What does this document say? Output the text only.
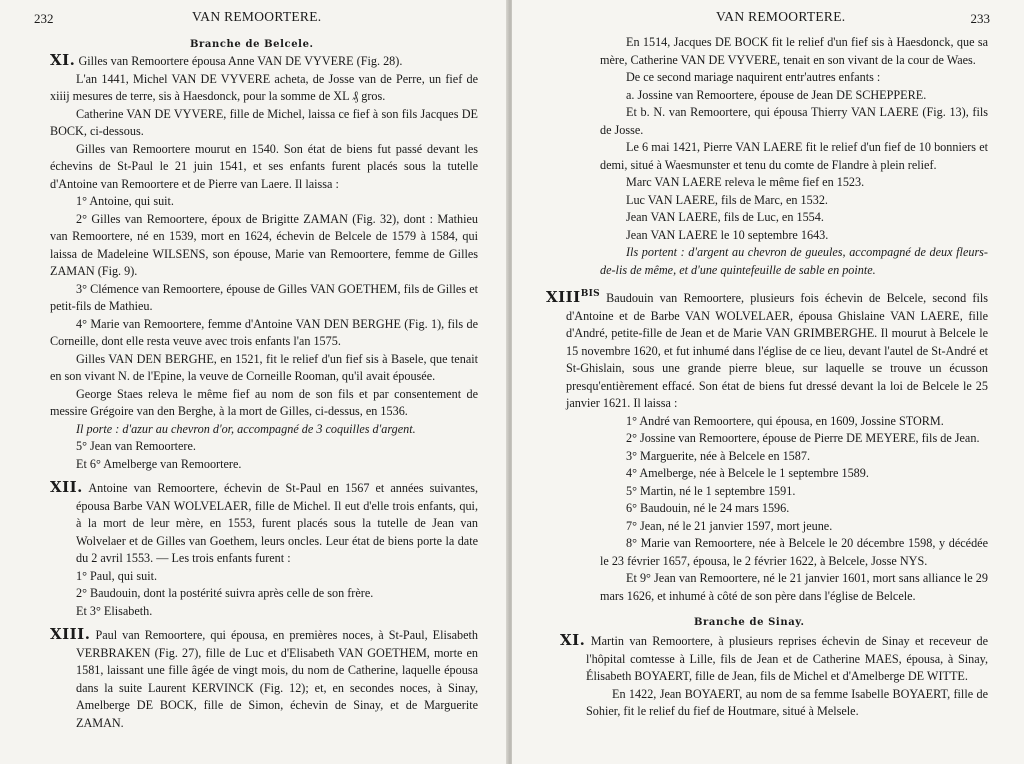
232	VAN REMOORTERE.
Branche de Belcele.

XI. Gilles van Remoortere épousa Anne VAN DE VYVERE (Fig. 28).

L'an 1441, Michel VAN DE VYVERE acheta, de Josse van de Perre, un fief de xiiij mesures de terre, sis à Haesdonck, pour la somme de XL ₰ gros.

Catherine VAN DE VYVERE, fille de Michel, laissa ce fief à son fils Jacques DE BOCK, ci-dessous.

Gilles van Remoortere mourut en 1540. Son état de biens fut passé devant les échevins de St-Paul le 21 juin 1541, et ses enfants furent placés sous la tutelle d'Antoine van Remoortere et de Pierre van Laere. Il laissa :

1° Antoine, qui suit.

2° Gilles van Remoortere, époux de Brigitte ZAMAN (Fig. 32), dont : Mathieu van Remoortere, né en 1539, mort en 1624, échevin de Belcele de 1579 à 1584, qui laissa de Madeleine WILSENS, son épouse, Marie van Remoortere, femme de Gilles ZAMAN (Fig. 9).

3° Clémence van Remoortere, épouse de Gilles VAN GOETHEM, fils de Gilles et petit-fils de Mathieu.

4° Marie van Remoortere, femme d'Antoine VAN DEN BERGHE (Fig. 1), fils de Corneille, dont elle resta veuve avec trois enfants l'an 1575.

Gilles VAN DEN BERGHE, en 1521, fit le relief d'un fief sis à Basele, que tenait en son vivant N. de l'Epine, la veuve de Corneille Rooman, qu'il avait épousée.

George Staes releva le même fief au nom de son fils et par consentement de messire Grégoire van den Berghe, à la mort de Gilles, ci-dessus, en 1536.

Il porte : d'azur au chevron d'or, accompagné de 3 coquilles d'argent.

5° Jean van Remoortere.

Et 6° Amelberge van Remoortere.

XII. Antoine van Remoortere, échevin de St-Paul en 1567 et années suivantes, épousa Barbe VAN WOLVELAER, fille de Michel. Il eut d'elle trois enfants, qui, à la mort de leur mère, en 1553, furent placés sous la tutelle de Jean van Wolvelaer et de Gilles van Goethem, leurs oncles. Leur état de biens porte la date du 2 avril 1553. — Les trois enfants furent :

1° Paul, qui suit.

2° Baudouin, dont la postérité suivra après celle de son frère.

Et 3° Elisabeth.

XIII. Paul van Remoortere, qui épousa, en premières noces, à St-Paul, Elisabeth VERBRAKEN (Fig. 27), fille de Luc et d'Elisabeth VAN GOETHEM, morte en 1581, laissant une fille âgée de vingt mois, du nom de Catherine, laquelle épousa dans la suite Laurent KERVINCK (Fig. 12); et, en secondes noces, à Sinay, Amelberge DE BOCK, fille de Simon, échevin de Sinay, et de Marguerite ZAMAN.

233
VAN REMOORTERE.

En 1514, Jacques DE BOCK fit le relief d'un fief sis à Haesdonck, que sa mère, Catherine VAN DE VYVERE, tenait en son vivant de la cour de Waes.

De ce second mariage naquirent entr'autres enfants :

a. Jossine van Remoortere, épouse de Jean DE SCHEPPERE.

Et b. N. van Remoortere, qui épousa Thierry VAN LAERE (Fig. 13), fils de Josse.

Le 6 mai 1421, Pierre VAN LAERE fit le relief d'un fief de 10 bonniers et demi, situé à Waesmunster et tenu du comte de Flandre à plein relief.

Marc VAN LAERE releva le même fief en 1523.

Luc VAN LAERE, fils de Marc, en 1532.

Jean VAN LAERE, fils de Luc, en 1554.

Jean VAN LAERE le 10 septembre 1643.

Ils portent : d'argent au chevron de gueules, accompagné de deux fleurs-de-lis de même, et d'une quintefeuille de sable en pointe.

$XIII^{BIS}$ Baudouin van Remoortere, plusieurs fois échevin de Belcele, second fils d'Antoine et de Barbe VAN WOLVELAER, épousa Ghislaine VAN LAERE, fille d'André, petite-fille de Jean et de Marie VAN GRIMBERGHE. Il mourut à Belcele le 15 novembre 1620, et fut inhumé dans l'église de ce lieu, devant l'autel de St-André et St-Ghislain, sous une grande pierre bleue, sur laquelle se trouve un écusson presqu'entièrement effacé. Son état de biens fut dressé devant la loi de Belcele le 25 janvier 1621. Il laissa :

1° André van Remoortere, qui épousa, en 1609, Jossine STORM.

2° Jossine van Remoortere, épouse de Pierre DE MEYERE, fils de Jean.

3° Marguerite, née à Belcele en 1587.

4° Amelberge, née à Belcele le 1 septembre 1589.

5° Martin, né le 1 septembre 1591.

6° Baudouin, né le 24 mars 1596.

7° Jean, né le 21 janvier 1597, mort jeune.

8° Marie van Remoortere, née à Belcele le 20 décembre 1598, y décédée le 23 février 1657, épousa, le 2 février 1622, à Belcele, Josse NYS.

Et 9° Jean van Remoortere, né le 21 janvier 1601, mort sans alliance le 29 mars 1626, et inhumé à côté de son père dans l'église de Belcele.

Branche de Sinay.

XI. Martin van Remoortere, à plusieurs reprises échevin de Sinay et receveur de l'hôpital comtesse à Lille, fils de Jean et de Catherine MAES, épousa, à Sinay, Élisabeth BOYAERT, fille de Jean, fils de Michel et d'Amelberge DE WITTE.

En 1422, Jean BOYAERT, au nom de sa femme Isabelle BOYAERT, fille de Sohier, fit le relief du fief de Houtmare, situé à Melsele.
